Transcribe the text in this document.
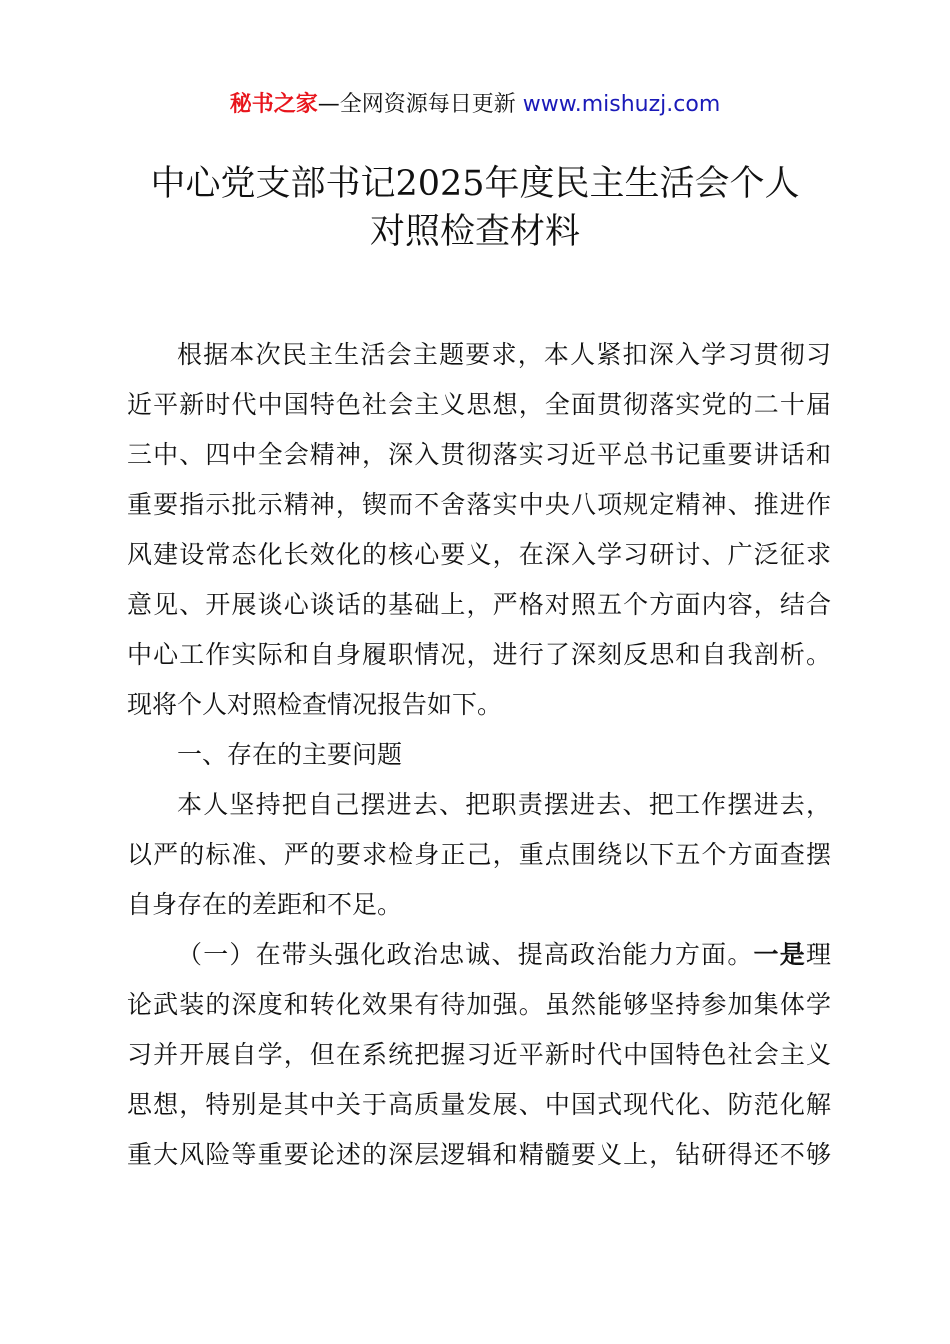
秘书之家—全网资源每日更新 www.mishuzj.com
中心党支部书记2025年度民主生活会个人
对照检查材料
根据本次民主生活会主题要求，本人紧扣深入学习贯彻习
近平新时代中国特色社会主义思想，全面贯彻落实党的二十届
三中、四中全会精神，深入贯彻落实习近平总书记重要讲话和
重要指示批示精神，锲而不舍落实中央八项规定精神、推进作
风建设常态化长效化的核心要义，在深入学习研讨、广泛征求
意见、开展谈心谈话的基础上，严格对照五个方面内容，结合
中心工作实际和自身履职情况，进行了深刻反思和自我剖析。
现将个人对照检查情况报告如下。
一、存在的主要问题
本人坚持把自己摆进去、把职责摆进去、把工作摆进去，
以严的标准、严的要求检身正己，重点围绕以下五个方面查摆
自身存在的差距和不足。
（一）在带头强化政治忠诚、提高政治能力方面。一是理
论武装的深度和转化效果有待加强。虽然能够坚持参加集体学
习并开展自学，但在系统把握习近平新时代中国特色社会主义
思想，特别是其中关于高质量发展、中国式现代化、防范化解
重大风险等重要论述的深层逻辑和精髓要义上，钻研得还不够
